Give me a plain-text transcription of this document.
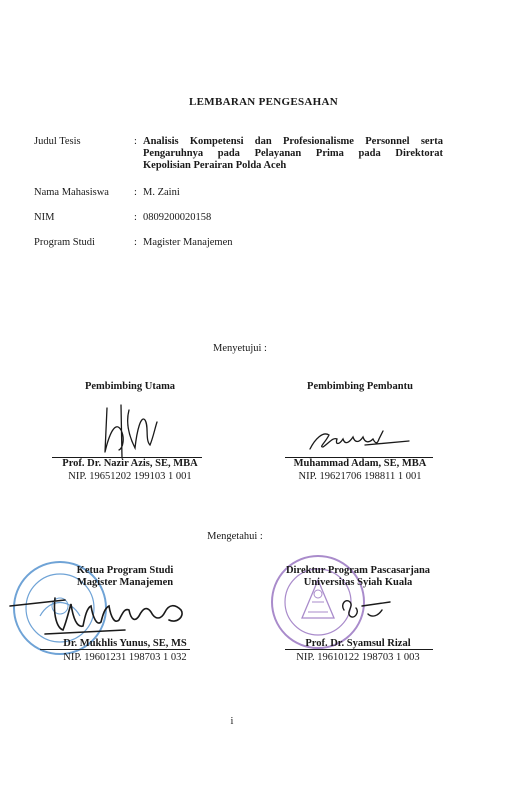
LEMBARAN PENGESAHAN
Judul Tesis	: Analisis Kompetensi dan Profesionalisme Personnel serta
Pengaruhnya pada Pelayanan Prima pada Direktorat
Kepolisian Perairan Polda Aceh
Nama Mahasiswa : M. Zaini
NIM	: 0809200020158
Program Studi	: Magister Manajemen
Menyetujui :
Pembimbing Utama	Pembimbing Pembantu
Prof. Dr. Nazir Azis, SE, MBA
NIP. 19651202 199103 1 001
Muhammad Adam, SE, MBA
NIP. 19621706 198811 1 001
Mengetahui :
Ketua Program Studi
Magister Manajemen
Direktur Program Pascasarjana
Universitas Syiah Kuala
Dr. Mukhlis Yunus, SE, MS
NIP. 19601231 198703 1 032
Prof. Dr. Syamsul Rizal
NIP. 19610122 198703 1 003
i
